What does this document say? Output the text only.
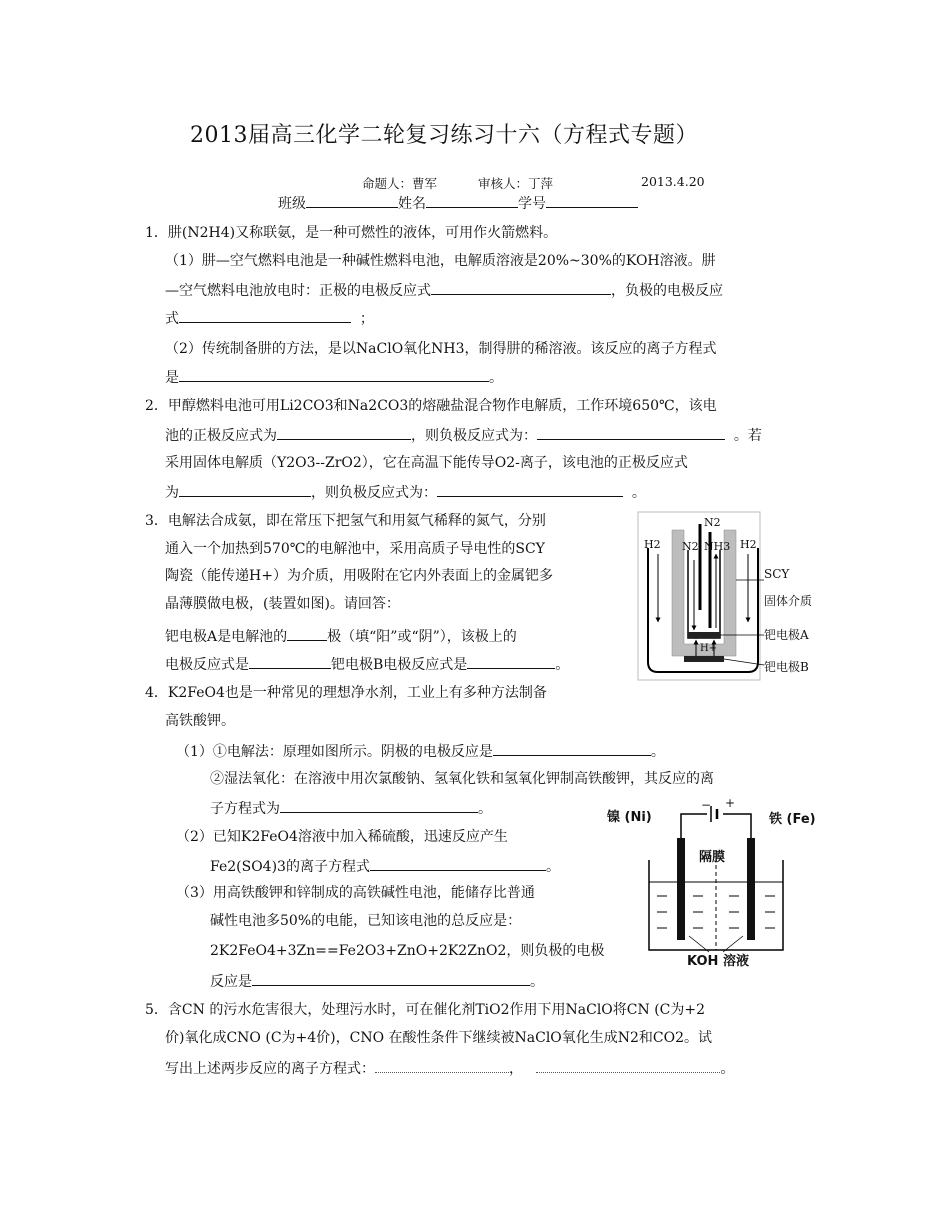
2013届高三化学二轮复习练习十六（方程式专题）
命题人：曹军	审核人：丁萍	2013.4.20
班级	姓名	学号
1．肼(N2H4)又称联氨，是一种可燃性的液体，可用作火箭燃料。
（1）肼—空气燃料电池是一种碱性燃料电池，电解质溶液是20%~30%的KOH溶液。肼
—空气燃料电池放电时：正极的电极反应式	，负极的电极反应
式	；
（2）传统制备肼的方法，是以NaClO氧化NH3，制得肼的稀溶液。该反应的离子方程式
是	。
2．甲醇燃料电池可用Li2CO3和Na2CO3的熔融盐混合物作电解质，工作环境650℃，该电
池的正极反应式为	，则负极反应式为：	。若
采用固体电解质（Y2O3--ZrO2），它在高温下能传导O2-离子，该电池的正极反应式
为	，则负极反应式为：	。
3．电解法合成氨，即在常压下把氢气和用氦气稀释的氮气，分别
通入一个加热到570℃的电解池中，采用高质子导电性的SCY
陶瓷（能传递H+）为介质，用吸附在它内外表面上的金属钯多
晶薄膜做电极，(装置如图)。请回答：
钯电极A是电解池的	极（填“阳”或“阴”），该极上的
电极反应式是	钯电极B电极反应式是	。
N2
H2 N2 NH3 H2
SCY
固体介质
钯电极A
钯电极B
H+
4．K2FeO4也是一种常见的理想净水剂，工业上有多种方法制备
高铁酸钾。
（1）①电解法：原理如图所示。阴极的电极反应是	。
②湿法氧化：在溶液中用次氯酸钠、氢氧化铁和氢氧化钾制高铁酸钾，其反应的离
子方程式为	。
（2）已知K2FeO4溶液中加入稀硫酸，迅速反应产生
Fe2(SO4)3的离子方程式	。
（3）用高铁酸钾和锌制成的高铁碱性电池，能储存比普通
碱性电池多50%的电能，已知该电池的总反应是：
2K2FeO4+3Zn==Fe2O3+ZnO+2K2ZnO2，则负极的电极
反应是	。
镍 (Ni)	铁 (Fe)
隔膜
KOH 溶液
− +
5．含CN 的污水危害很大，处理污水时，可在催化剂TiO2作用下用NaClO将CN (C为+2
价)氧化成CNO (C为+4价)，CNO 在酸性条件下继续被NaClO氧化生成N2和CO2。试
写出上述两步反应的离子方程式：	，	。
